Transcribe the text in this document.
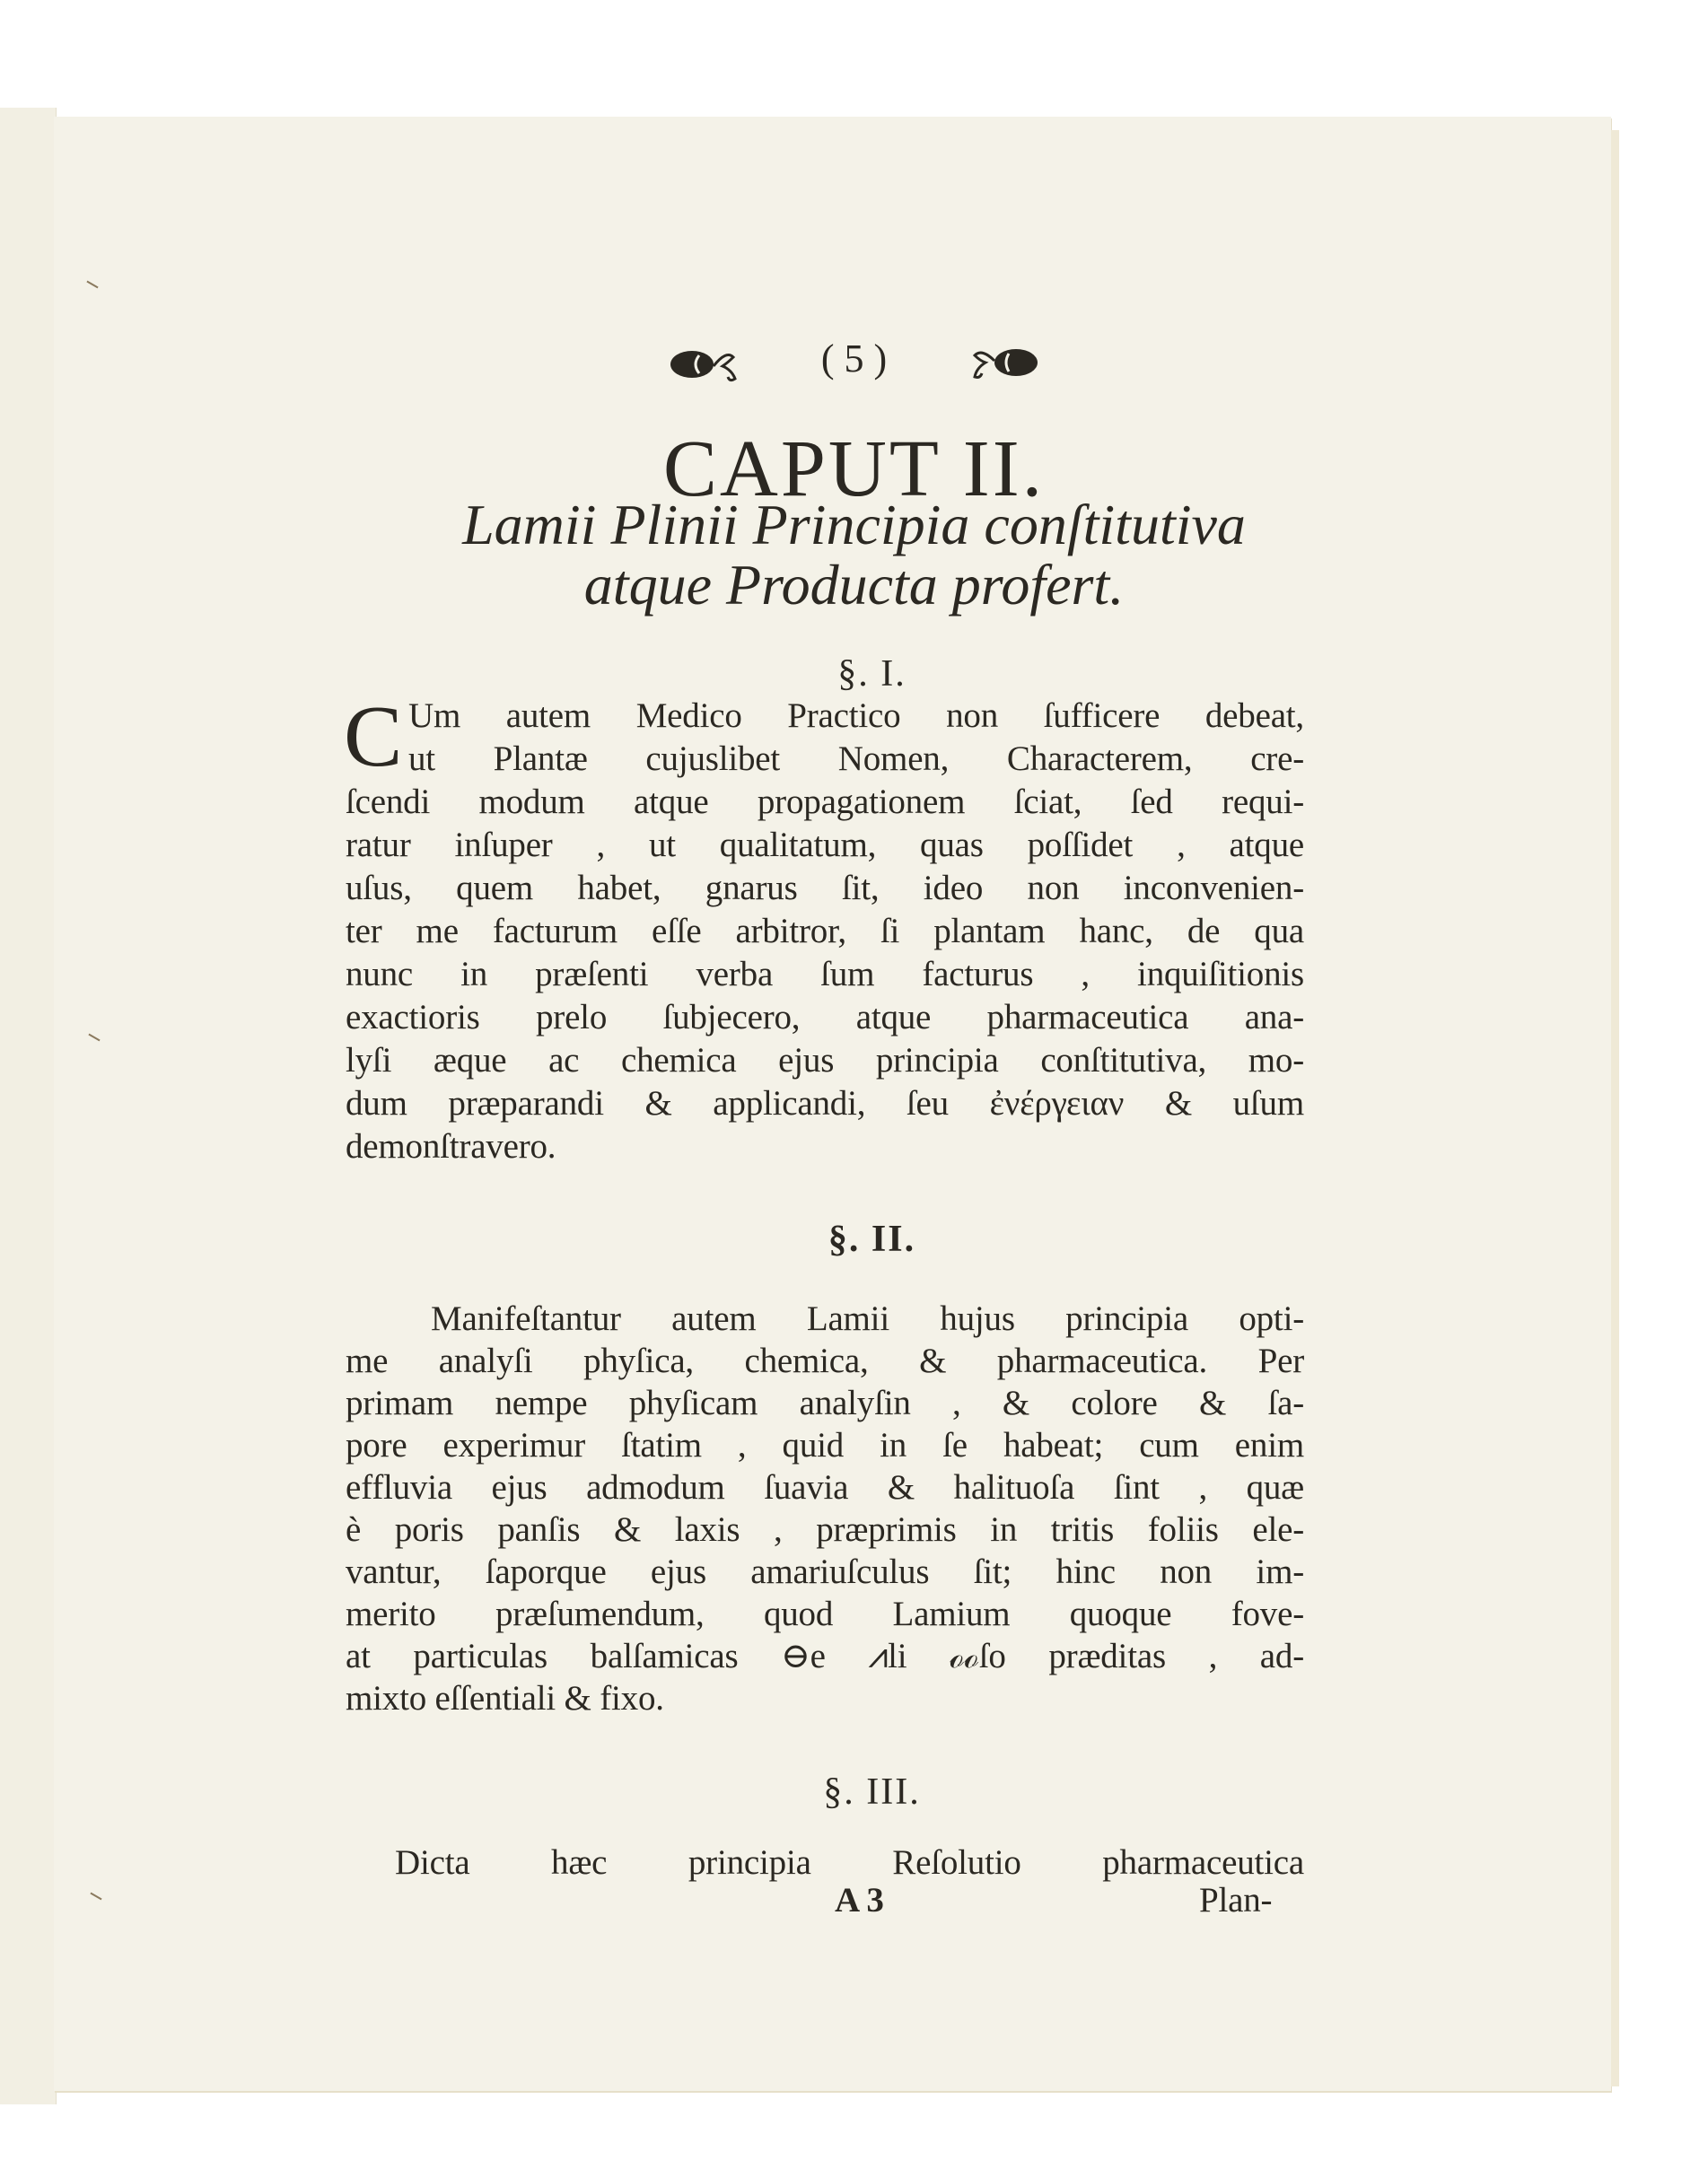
( 5 )
CAPUT II.
Lamii Plinii Principia conſtitutiva
atque Producta profert.
§. I.
C Um autem Medico Practico non ſufficere debeat,
ut Plantæ cujuslibet Nomen, Characterem, cre-
ſcendi modum atque propagationem ſciat, ſed requi-
ratur inſuper , ut qualitatum, quas poſſidet , atque
uſus, quem habet, gnarus ſit, ideo non inconvenien-
ter me facturum eſſe arbitror, ſi plantam hanc, de qua
nunc in præſenti verba ſum facturus , inquiſitionis
exactioris prelo ſubjecero, atque pharmaceutica ana-
lyſi æque ac chemica ejus principia conſtitutiva, mo-
dum præparandi & applicandi, ſeu ἐνέργειαν & uſum
demonſtravero.
§. II.
Manifeſtantur autem Lamii hujus principia opti-
me analyſi phyſica, chemica, & pharmaceutica. Per
primam nempe phyſicam analyſin , & colore & ſa-
pore experimur ſtatim , quid in ſe habeat; cum enim
effluvia ejus admodum ſuavia & halituoſa ſint , quæ
è poris panſis & laxis , præprimis in tritis foliis ele-
vantur, ſaporque ejus amariuſculus ſit; hinc non im-
merito præſumendum, quod Lamium quoque fove-
at particulas balſamicas ⊖e ⩘li ℴℴſo præditas , ad-
mixto eſſentiali & fixo.
§. III.
Dicta hæc principia Reſolutio pharmaceutica
A 3	Plan-
